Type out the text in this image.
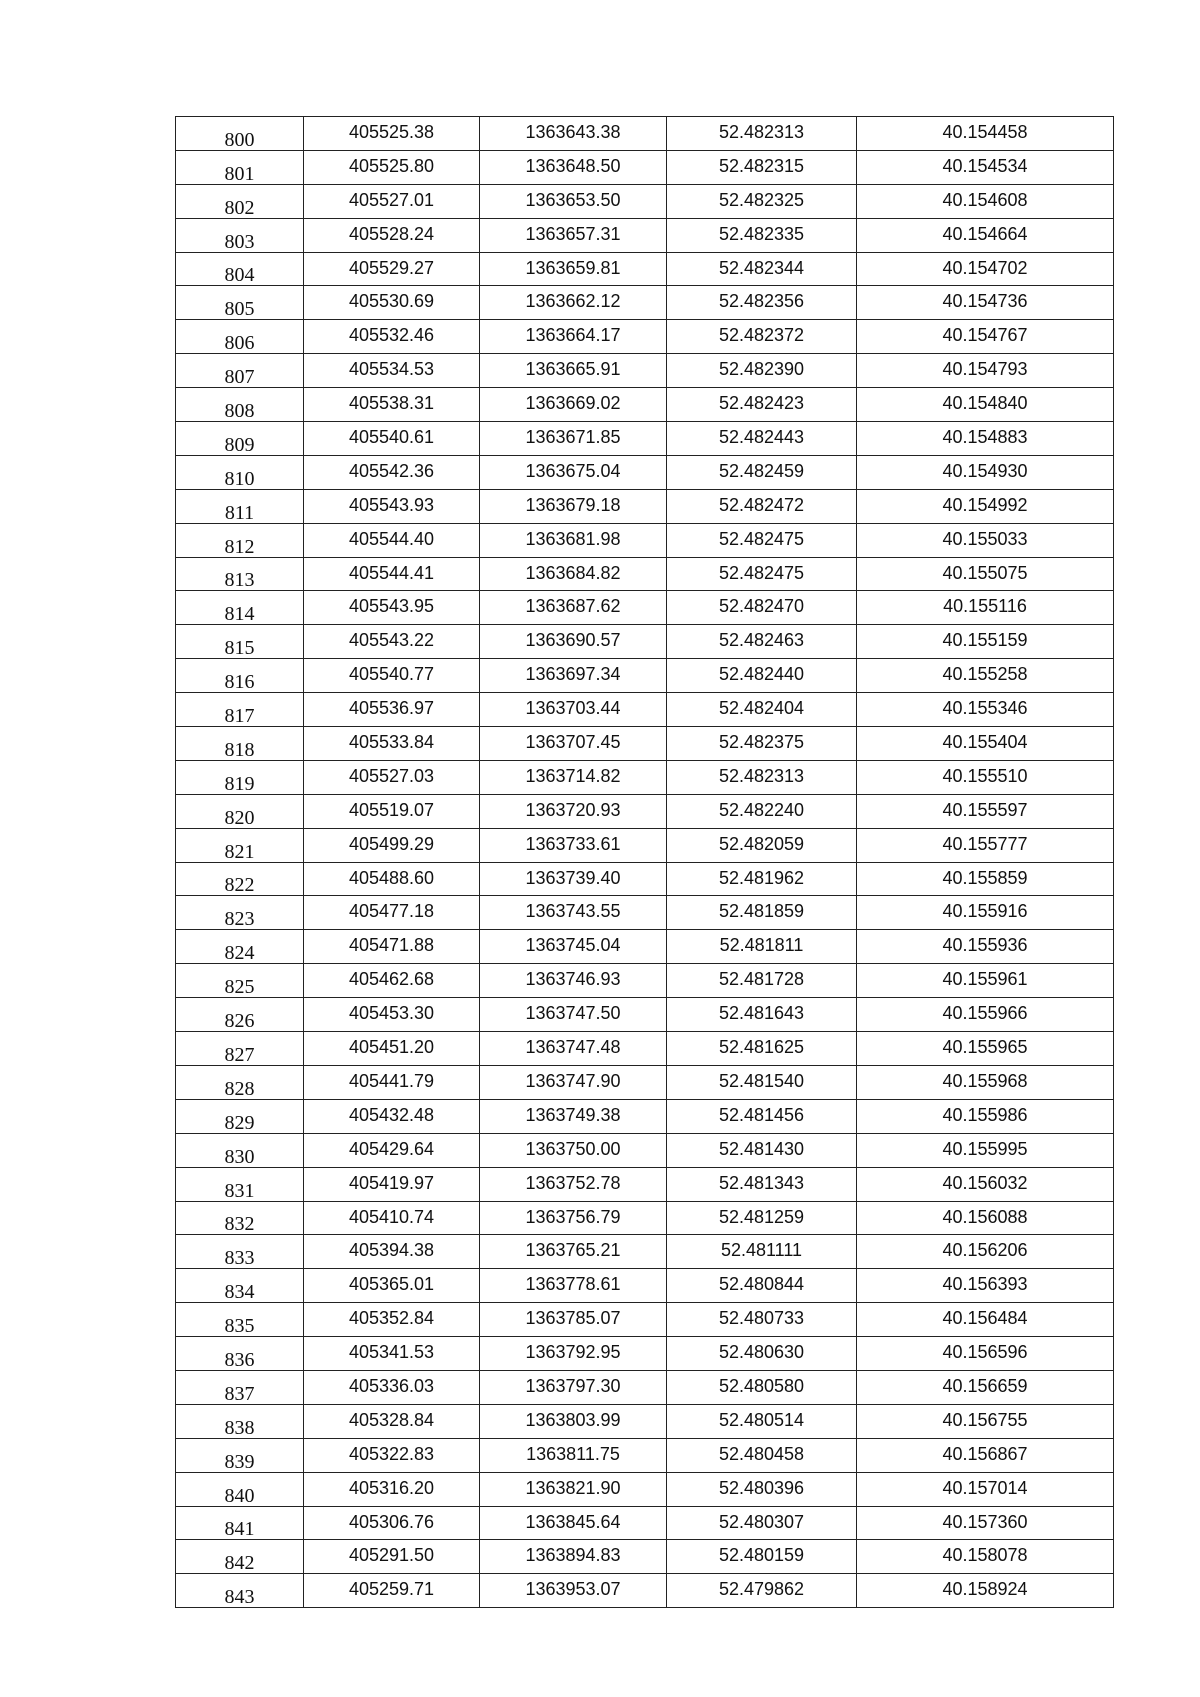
800	405525.38	1363643.38	52.482313	40.154458
801	405525.80	1363648.50	52.482315	40.154534
802	405527.01	1363653.50	52.482325	40.154608
803	405528.24	1363657.31	52.482335	40.154664
804	405529.27	1363659.81	52.482344	40.154702
805	405530.69	1363662.12	52.482356	40.154736
806	405532.46	1363664.17	52.482372	40.154767
807	405534.53	1363665.91	52.482390	40.154793
808	405538.31	1363669.02	52.482423	40.154840
809	405540.61	1363671.85	52.482443	40.154883
810	405542.36	1363675.04	52.482459	40.154930
811	405543.93	1363679.18	52.482472	40.154992
812	405544.40	1363681.98	52.482475	40.155033
813	405544.41	1363684.82	52.482475	40.155075
814	405543.95	1363687.62	52.482470	40.155116
815	405543.22	1363690.57	52.482463	40.155159
816	405540.77	1363697.34	52.482440	40.155258
817	405536.97	1363703.44	52.482404	40.155346
818	405533.84	1363707.45	52.482375	40.155404
819	405527.03	1363714.82	52.482313	40.155510
820	405519.07	1363720.93	52.482240	40.155597
821	405499.29	1363733.61	52.482059	40.155777
822	405488.60	1363739.40	52.481962	40.155859
823	405477.18	1363743.55	52.481859	40.155916
824	405471.88	1363745.04	52.481811	40.155936
825	405462.68	1363746.93	52.481728	40.155961
826	405453.30	1363747.50	52.481643	40.155966
827	405451.20	1363747.48	52.481625	40.155965
828	405441.79	1363747.90	52.481540	40.155968
829	405432.48	1363749.38	52.481456	40.155986
830	405429.64	1363750.00	52.481430	40.155995
831	405419.97	1363752.78	52.481343	40.156032
832	405410.74	1363756.79	52.481259	40.156088
833	405394.38	1363765.21	52.481111	40.156206
834	405365.01	1363778.61	52.480844	40.156393
835	405352.84	1363785.07	52.480733	40.156484
836	405341.53	1363792.95	52.480630	40.156596
837	405336.03	1363797.30	52.480580	40.156659
838	405328.84	1363803.99	52.480514	40.156755
839	405322.83	1363811.75	52.480458	40.156867
840	405316.20	1363821.90	52.480396	40.157014
841	405306.76	1363845.64	52.480307	40.157360
842	405291.50	1363894.83	52.480159	40.158078
843	405259.71	1363953.07	52.479862	40.158924
